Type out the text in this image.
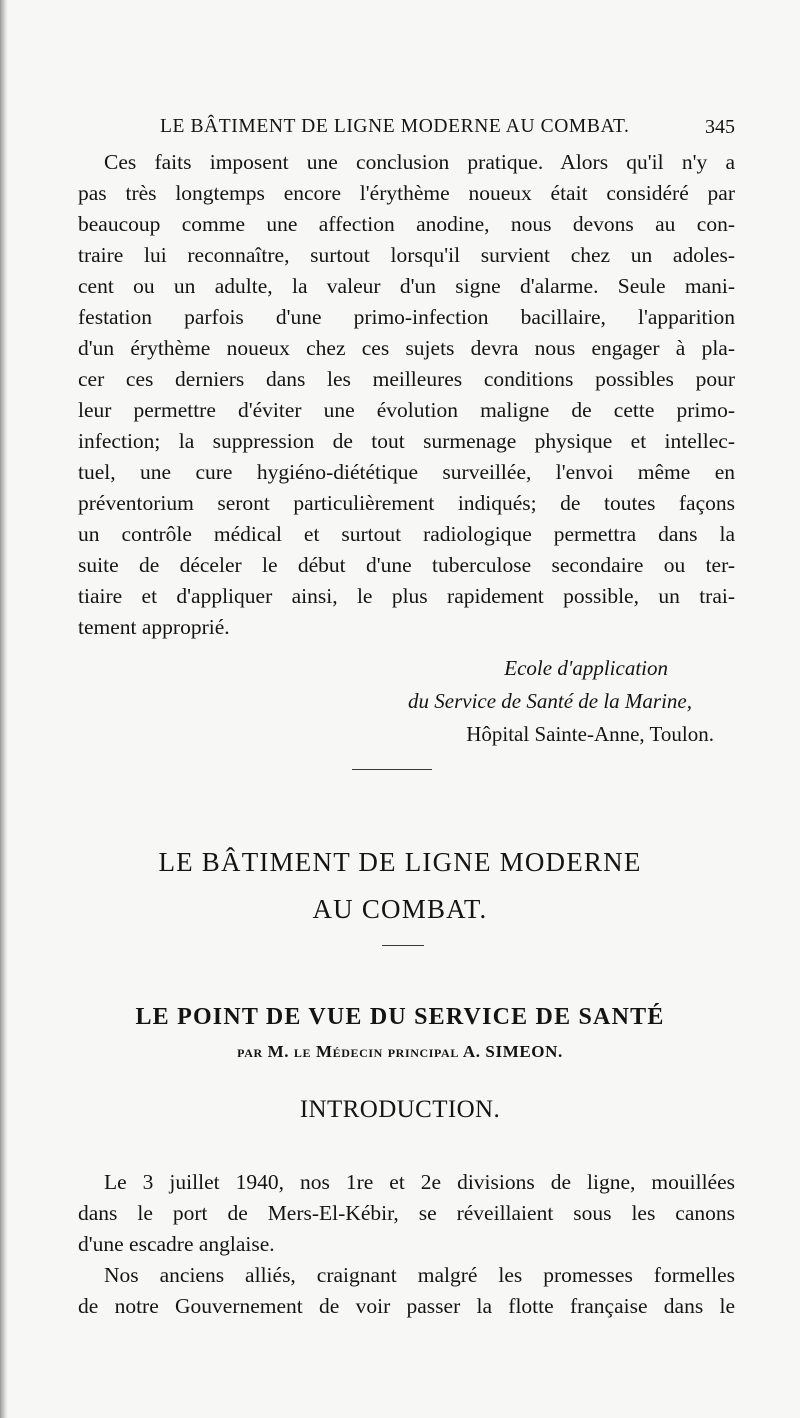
LE BÂTIMENT DE LIGNE MODERNE AU COMBAT.	345
Ces faits imposent une conclusion pratique. Alors qu'il n'y a
pas très longtemps encore l'érythème noueux était considéré par
beaucoup comme une affection anodine, nous devons au con-
traire lui reconnaître, surtout lorsqu'il survient chez un adoles-
cent ou un adulte, la valeur d'un signe d'alarme. Seule mani-
festation parfois d'une primo-infection bacillaire, l'apparition
d'un érythème noueux chez ces sujets devra nous engager à pla-
cer ces derniers dans les meilleures conditions possibles pour
leur permettre d'éviter une évolution maligne de cette primo-
infection; la suppression de tout surmenage physique et intellec-
tuel, une cure hygiéno-diététique surveillée, l'envoi même en
préventorium seront particulièrement indiqués; de toutes façons
un contrôle médical et surtout radiologique permettra dans la
suite de déceler le début d'une tuberculose secondaire ou ter-
tiaire et d'appliquer ainsi, le plus rapidement possible, un trai-
tement approprié.
Ecole d'application
du Service de Santé de la Marine,
Hôpital Sainte-Anne, Toulon.
LE BÂTIMENT DE LIGNE MODERNE
AU COMBAT.
LE POINT DE VUE DU SERVICE DE SANTÉ
par M. le Médecin principal A. SIMEON.
INTRODUCTION.
Le 3 juillet 1940, nos 1re et 2e divisions de ligne, mouillées
dans le port de Mers-El-Kébir, se réveillaient sous les canons
d'une escadre anglaise.
Nos anciens alliés, craignant malgré les promesses formelles
de notre Gouvernement de voir passer la flotte française dans le
